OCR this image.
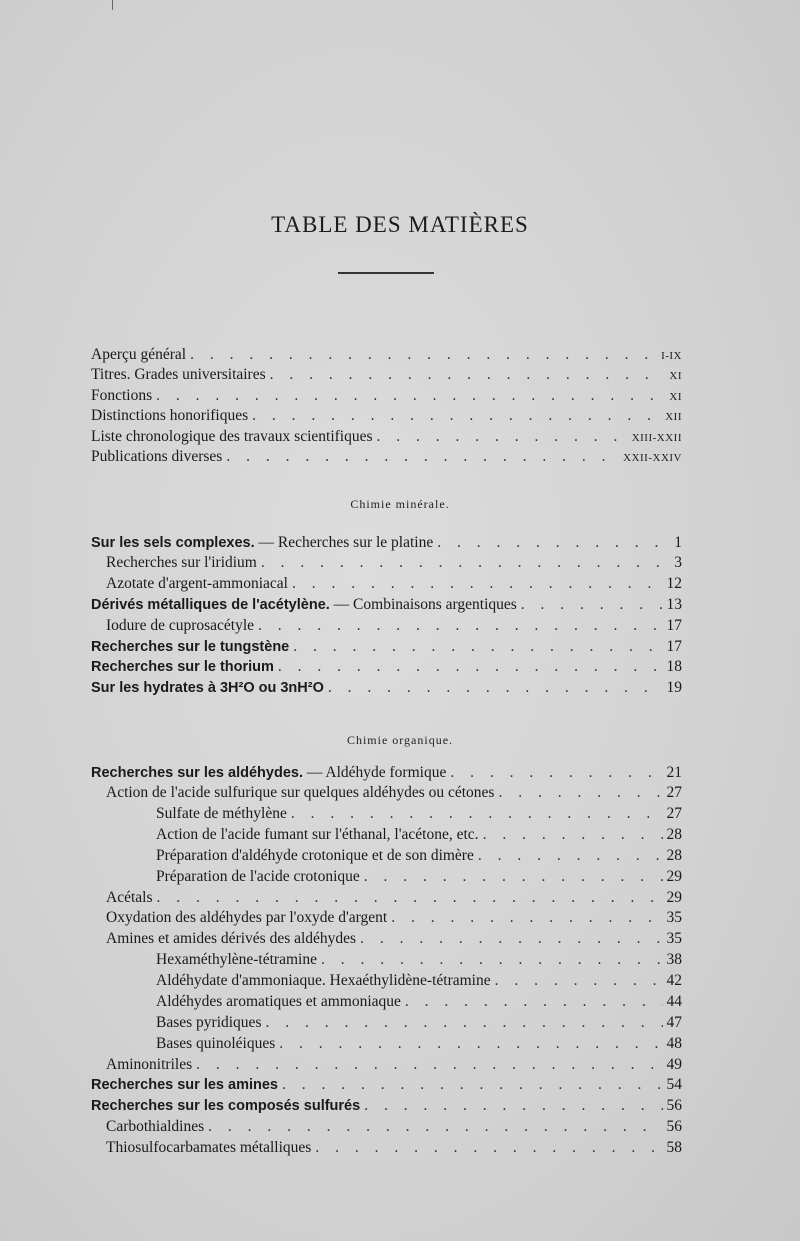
TABLE DES MATIÈRES
Aperçu général . . .	I-IX
Titres. Grades universitaires . . .	XI
Fonctions . . .	XI
Distinctions honorifiques . . .	XII
Liste chronologique des travaux scientifiques . . .	XIII-XXII
Publications diverses . . .	XXII-XXIV
Chimie minérale.
Sur les sels complexes. — Recherches sur le platine . . .	1
Recherches sur l'iridium . . .	3
Azotate d'argent-ammoniacal . . .	12
Dérivés métalliques de l'acétylène. — Combinaisons argentiques . . .	13
Iodure de cuprosacétyle . . .	17
Recherches sur le tungstène . . .	17
Recherches sur le thorium . . .	18
Sur les hydrates à 3H²O ou 3nH²O . . .	19
Chimie organique.
Recherches sur les aldéhydes. — Aldéhyde formique . . .	21
Action de l'acide sulfurique sur quelques aldéhydes ou cétones . . .	27
Sulfate de méthylène . . .	27
Action de l'acide fumant sur l'éthanal, l'acétone, etc. . . .	28
Préparation d'aldéhyde crotonique et de son dimère . . .	28
Préparation de l'acide crotonique . . .	29
Acétals . . .	29
Oxydation des aldéhydes par l'oxyde d'argent . . .	35
Amines et amides dérivés des aldéhydes . . .	35
Hexaméthylène-tétramine . . .	38
Aldéhydate d'ammoniaque. Hexaéthylidène-tétramine . . .	42
Aldéhydes aromatiques et ammoniaque . . .	44
Bases pyridiques . . .	47
Bases quinoléiques . . .	48
Aminonitriles . . .	49
Recherches sur les amines . . .	54
Recherches sur les composés sulfurés . . .	56
Carbothialdines . . .	56
Thiosulfocarbamates métalliques . . .	58
